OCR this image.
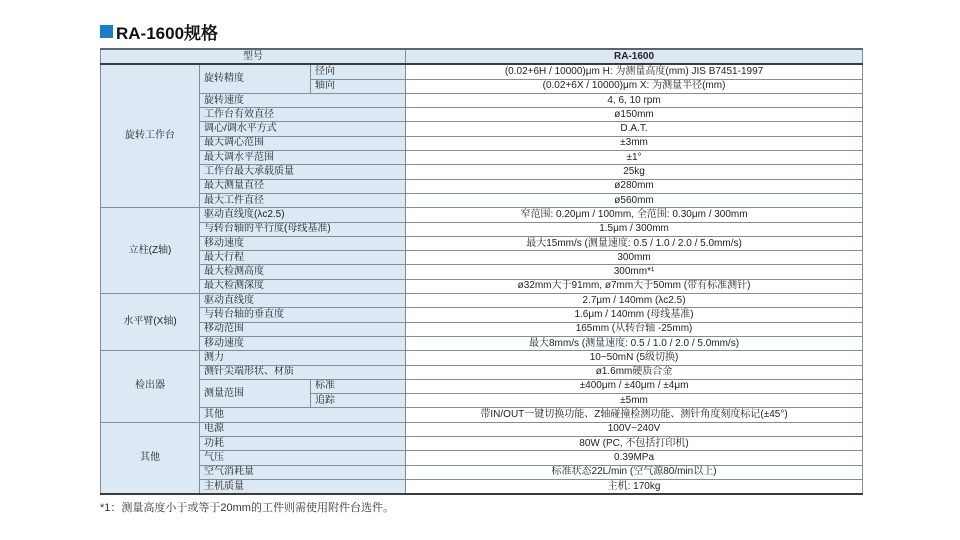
RA-1600规格
型号			RA-1600
旋转工作台	旋转精度	径向	(0.02+6H / 10000)μm H: 为测量高度(mm) JIS B7451-1997
		轴向	(0.02+6X / 10000)μm X: 为测量半径(mm)
	旋转速度		4, 6, 10 rpm
	工作台有效直径		ø150mm
	调心/调水平方式		D.A.T.
	最大调心范围		±3mm
	最大调水平范围		±1°
	工作台最大承载质量		25kg
	最大测量直径		ø280mm
	最大工件直径		ø560mm
立柱(Z轴)	驱动直线度(λc2.5)		窄范围: 0.20μm / 100mm, 全范围: 0.30μm / 300mm
	与转台轴的平行度(母线基准)		1.5μm / 300mm
	移动速度		最大15mm/s (测量速度: 0.5 / 1.0 / 2.0 / 5.0mm/s)
	最大行程		300mm
	最大检测高度		300mm*¹
	最大检测深度		ø32mm大于91mm, ø7mm大于50mm (带有标准测针)
水平臂(X轴)	驱动直线度		2.7μm / 140mm (λc2.5)
	与转台轴的垂直度		1.6μm / 140mm (母线基准)
	移动范围		165mm (从转台轴 -25mm)
	移动速度		最大8mm/s (测量速度: 0.5 / 1.0 / 2.0 / 5.0mm/s)
检出器	测力		10~50mN (5级切换)
	测针尖端形状、材质		ø1.6mm硬质合金
	测量范围	标准	±400μm / ±40μm / ±4μm
		追踪	±5mm
	其他		带IN/OUT一键切换功能、Z轴碰撞检测功能、测针角度刻度标记(±45°)
其他	电源		100V~240V
	功耗		80W (PC, 不包括打印机)
	气压		0.39MPa
	空气消耗量		标准状态22L/min (空气源80/min以上)
	主机质量		主机: 170kg
*1：测量高度小于或等于20mm的工件则需使用附件台选件。
